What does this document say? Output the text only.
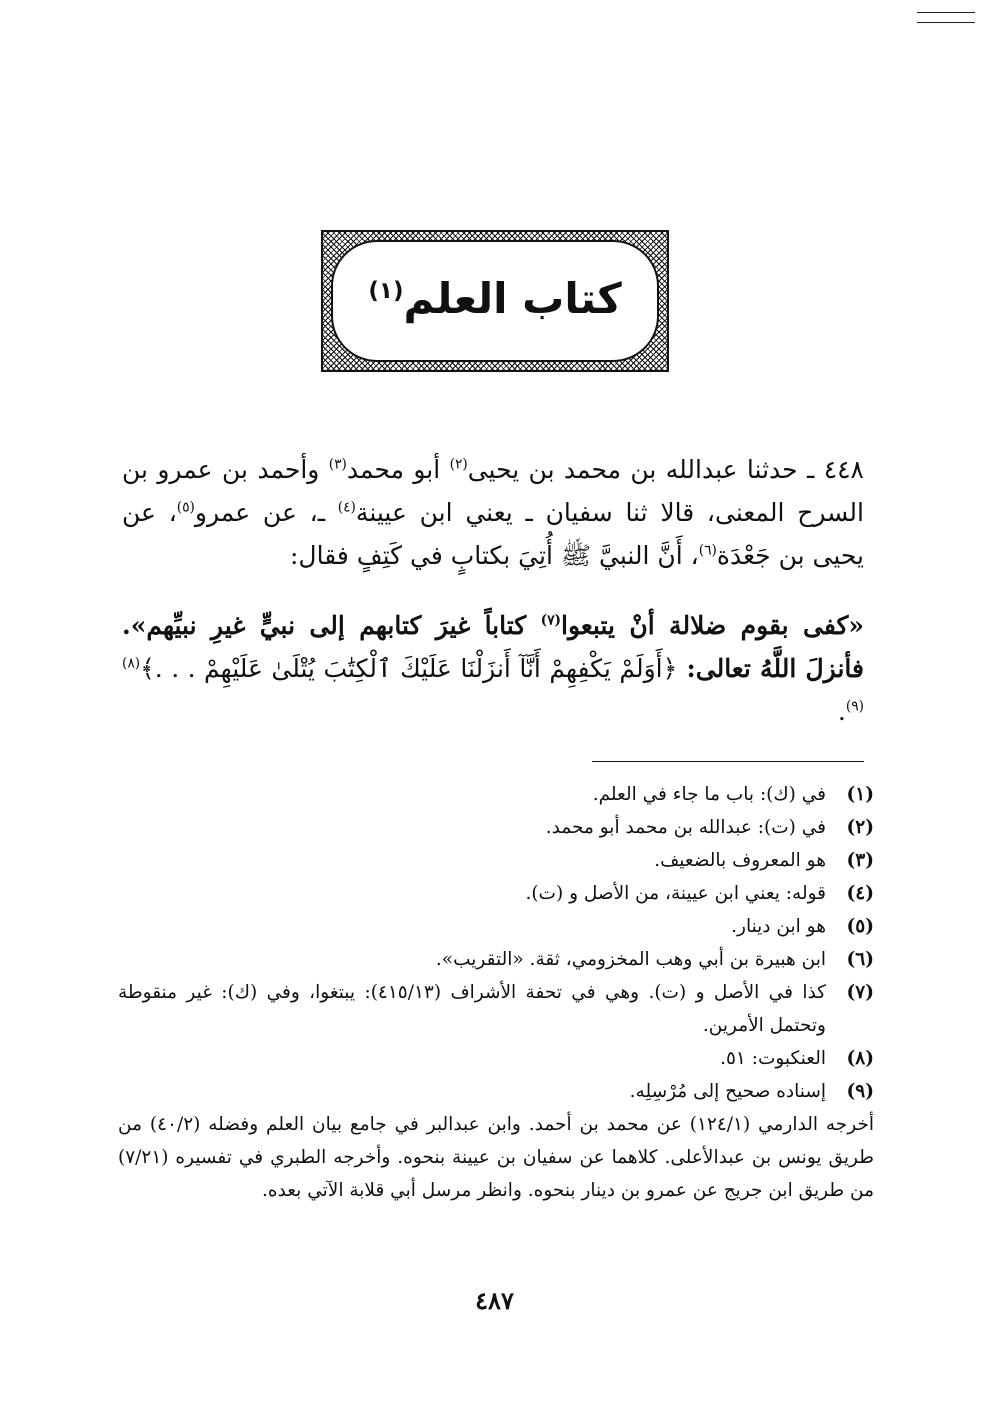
كتاب العلم$^{(١)}$
٤٤٨ ـ حدثنا عبدالله بن محمد بن يحيى$^{(٢)}$ أبو محمد$^{(٣)}$ وأحمد بن عمرو بن السرح المعنى، قالا ثنا سفيان ـ يعني ابن عيينة$^{(٤)}$ ـ، عن عمرو$^{(٥)}$، عن يحيى بن جَعْدَة$^{(٦)}$، أَنَّ النبيَّ ﷺ أُتِيَ بكتابٍ في كَتِفٍ فقال:
«كفى بقوم ضلالة أنْ يتبعوا$^{(٧)}$ كتاباً غيرَ كتابهم إلى نبيٍّ غيرِ نبيِّهم». فأنزلَ اللَّهُ تعالى: ﴿أَوَلَمْ يَكْفِهِمْ أَنَّآ أَنزَلْنَا عَلَيْكَ ٱلْكِتَٰبَ يُتْلَىٰ عَلَيْهِمْ . . .﴾$^{(٨)(٩)}$.
(١)
في (ك): باب ما جاء في العلم.
(٢)
في (ت): عبدالله بن محمد أبو محمد.
(٣)
هو المعروف بالضعيف.
(٤)
قوله: يعني ابن عيينة، من الأصل و (ت).
(٥)
هو ابن دينار.
(٦)
ابن هبيرة بن أبي وهب المخزومي، ثقة. «التقريب».
(٧)
كذا في الأصل و (ت). وهي في تحفة الأشراف (٤١٥/١٣): يبتغوا، وفي (ك): غير منقوطة وتحتمل الأمرين.
(٨)
العنكبوت: ٥١.
(٩)
إسناده صحيح إلى مُرْسِلِه.
أخرجه الدارمي (١٢٤/١) عن محمد بن أحمد. وابن عبدالبر في جامع بيان العلم وفضله (٤٠/٢) من طريق يونس بن عبدالأعلى. كلاهما عن سفيان بن عيينة بنحوه. وأخرجه الطبري في تفسيره (٧/٢١) من طريق ابن جريج عن عمرو بن دينار بنحوه. وانظر مرسل أبي قلابة الآتي بعده.
٤٨٧
